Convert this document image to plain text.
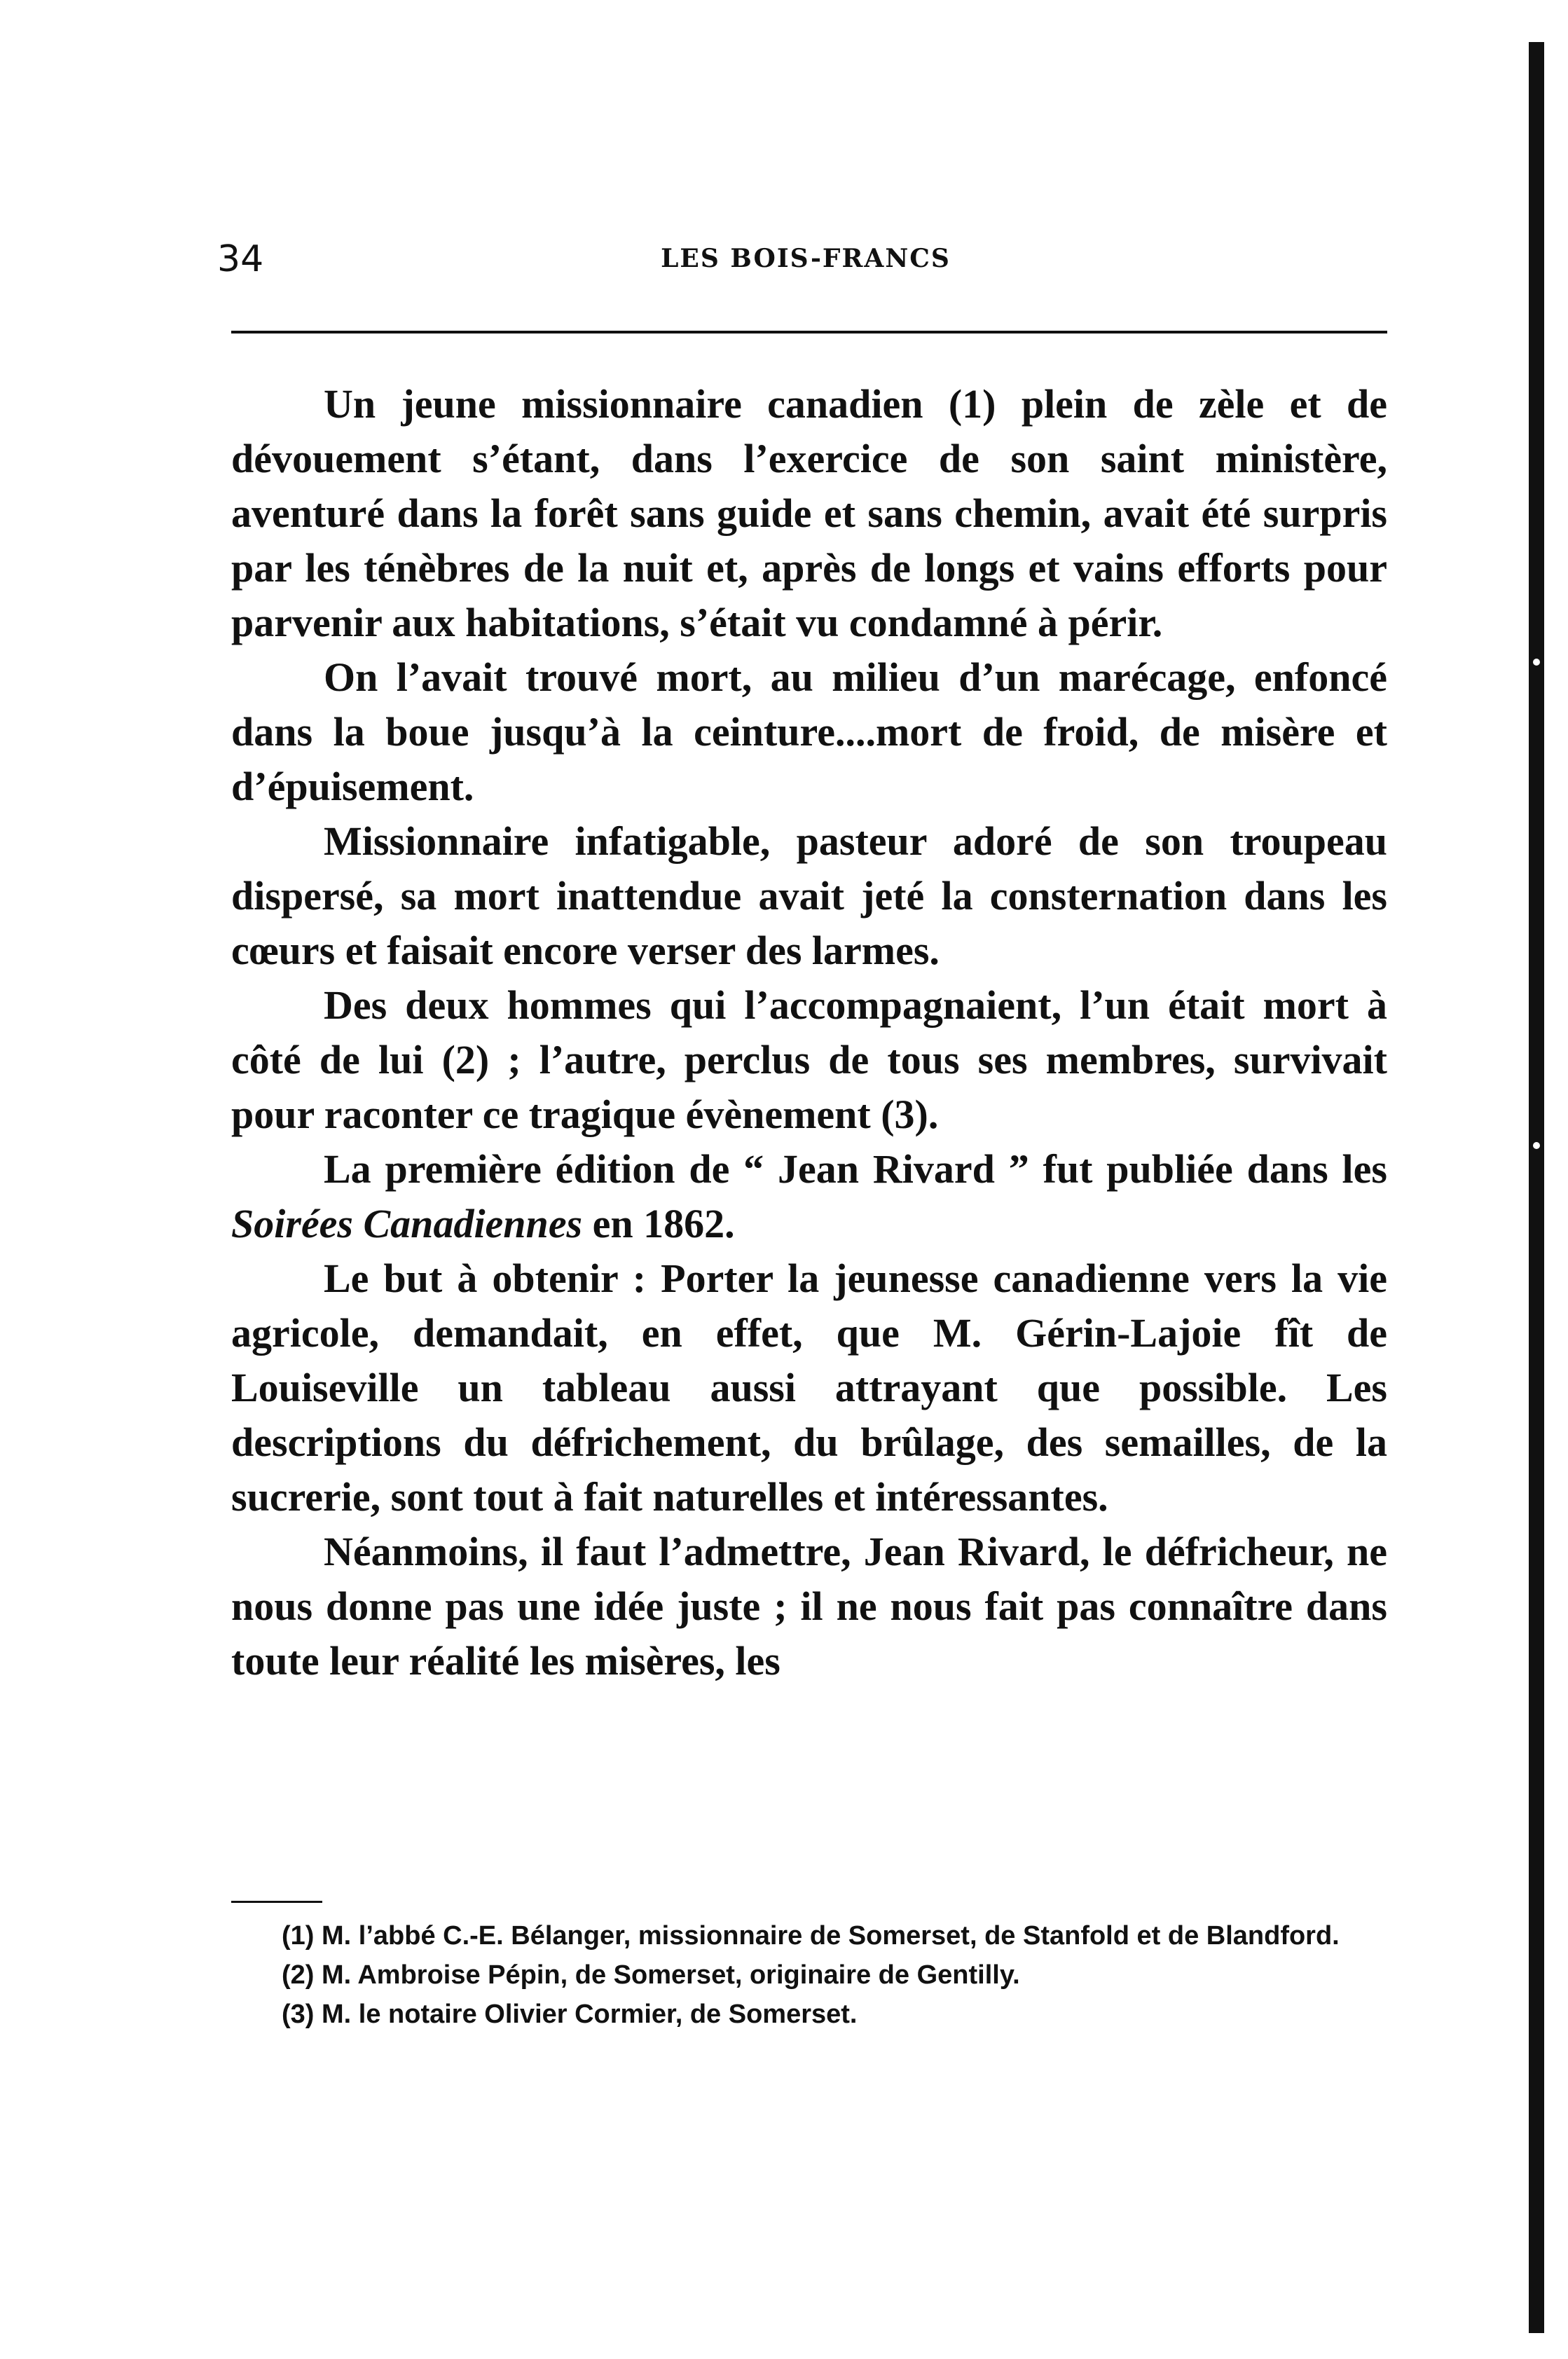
34	LES BOIS-FRANCS

Un jeune missionnaire canadien (1) plein de zèle et de dévouement s’étant, dans l’exercice de son saint ministère, aventuré dans la forêt sans guide et sans chemin, avait été surpris par les ténèbres de la nuit et, après de longs et vains efforts pour parvenir aux habitations, s’était vu condamné à périr.

On l’avait trouvé mort, au milieu d’un marécage, enfoncé dans la boue jusqu’à la ceinture....mort de froid, de misère et d’épuisement.

Missionnaire infatigable, pasteur adoré de son troupeau dispersé, sa mort inattendue avait jeté la consternation dans les cœurs et faisait encore verser des larmes.

Des deux hommes qui l’accompagnaient, l’un était mort à côté de lui (2) ; l’autre, perclus de tous ses membres, survivait pour raconter ce tragique évènement (3).

La première édition de “ Jean Rivard ” fut publiée dans les Soirées Canadiennes en 1862.

Le but à obtenir : Porter la jeunesse canadienne vers la vie agricole, demandait, en effet, que M. Gérin-Lajoie fît de Louiseville un tableau aussi attrayant que possible. Les descriptions du défrichement, du brûlage, des semailles, de la sucrerie, sont tout à fait naturelles et intéressantes.

Néanmoins, il faut l’admettre, Jean Rivard, le défricheur, ne nous donne pas une idée juste ; il ne nous fait pas connaître dans toute leur réalité les misères, les

(1) M. l’abbé C.-E. Bélanger, missionnaire de Somerset, de Stanfold et de Blandford.

(2) M. Ambroise Pépin, de Somerset, originaire de Gentilly.

(3) M. le notaire Olivier Cormier, de Somerset.
